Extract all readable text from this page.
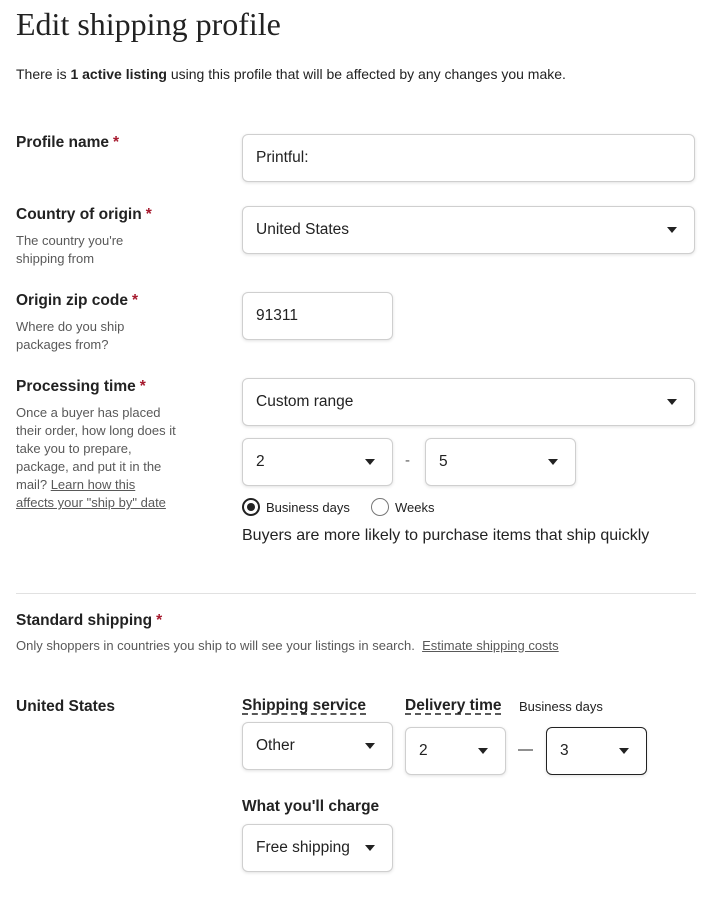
Edit shipping profile
There is 1 active listing using this profile that will be affected by any changes you make.
Profile name *
Printful:
Country of origin *
The country you're shipping from
United States
Origin zip code *
Where do you ship packages from?
91311
Processing time *
Once a buyer has placed their order, how long does it take you to prepare, package, and put it in the mail? Learn how this affects your "ship by" date
Custom range
2	- 5
Business days	Weeks
Buyers are more likely to purchase items that ship quickly
Standard shipping *
Only shoppers in countries you ship to will see your listings in search. Estimate shipping costs
United States	Shipping service	Delivery time Business days
Other	2	— 3
What you'll charge
Free shipping
